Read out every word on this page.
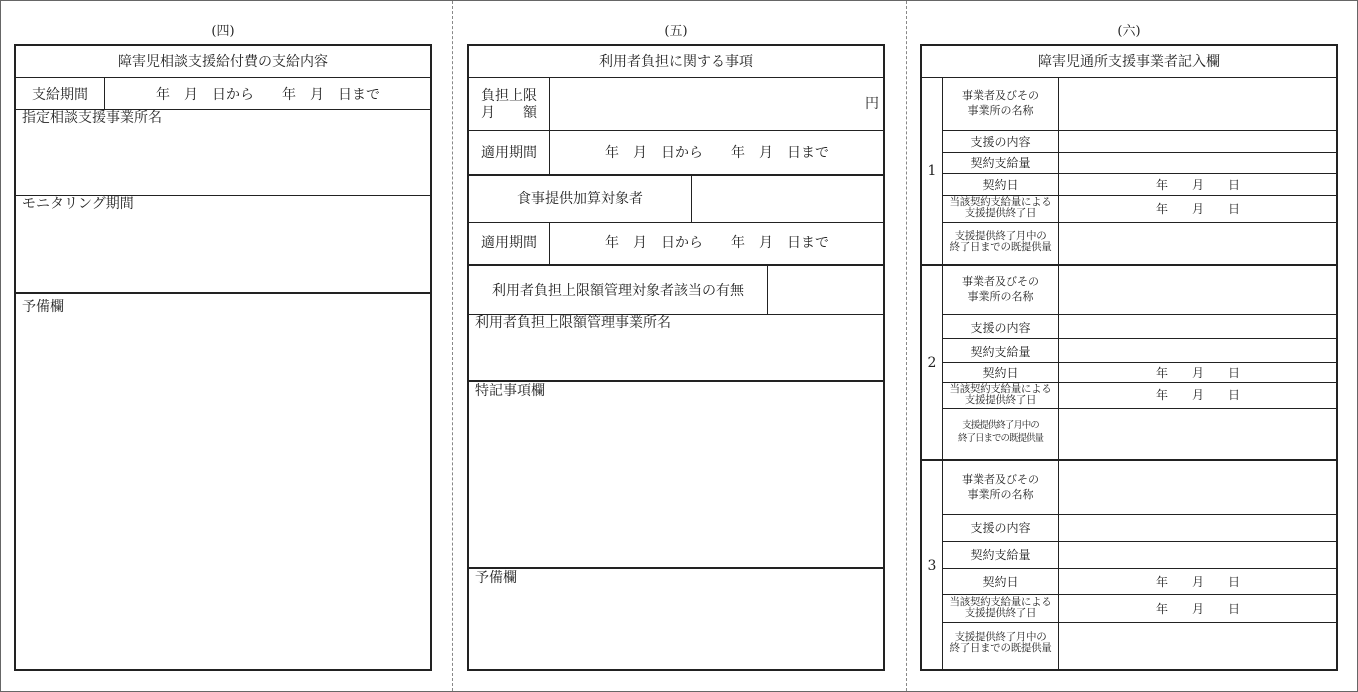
(四)
障害児相談支援給付費の支給内容
支給期間	年　月　日から　　年　月　日まで
指定相談支援事業所名
モニタリング期間
予備欄
(五)
利用者負担に関する事項
負担上限
月　　額
円
適用期間	年　月　日から　　年　月　日まで
食事提供加算対象者
適用期間	年　月　日から　　年　月　日まで
利用者負担上限額管理対象者該当の有無
利用者負担上限額管理事業所名
特記事項欄
予備欄
(六)
障害児通所支援事業者記入欄
1
事業者及びその
事業所の名称
支援の内容
契約支給量
契約日	年　　月　　日
当該契約支給量による
支援提供終了日	年　　月　　日
支援提供終了月中の
終了日までの既提供量
2
事業者及びその
事業所の名称
支援の内容
契約支給量
契約日	年　　月　　日
当該契約支給量による
支援提供終了日	年　　月　　日
支援提供終了月中の
終了日までの既提供量
3
事業者及びその
事業所の名称
支援の内容
契約支給量
契約日	年　　月　　日
当該契約支給量による
支援提供終了日	年　　月　　日
支援提供終了月中の
終了日までの既提供量
